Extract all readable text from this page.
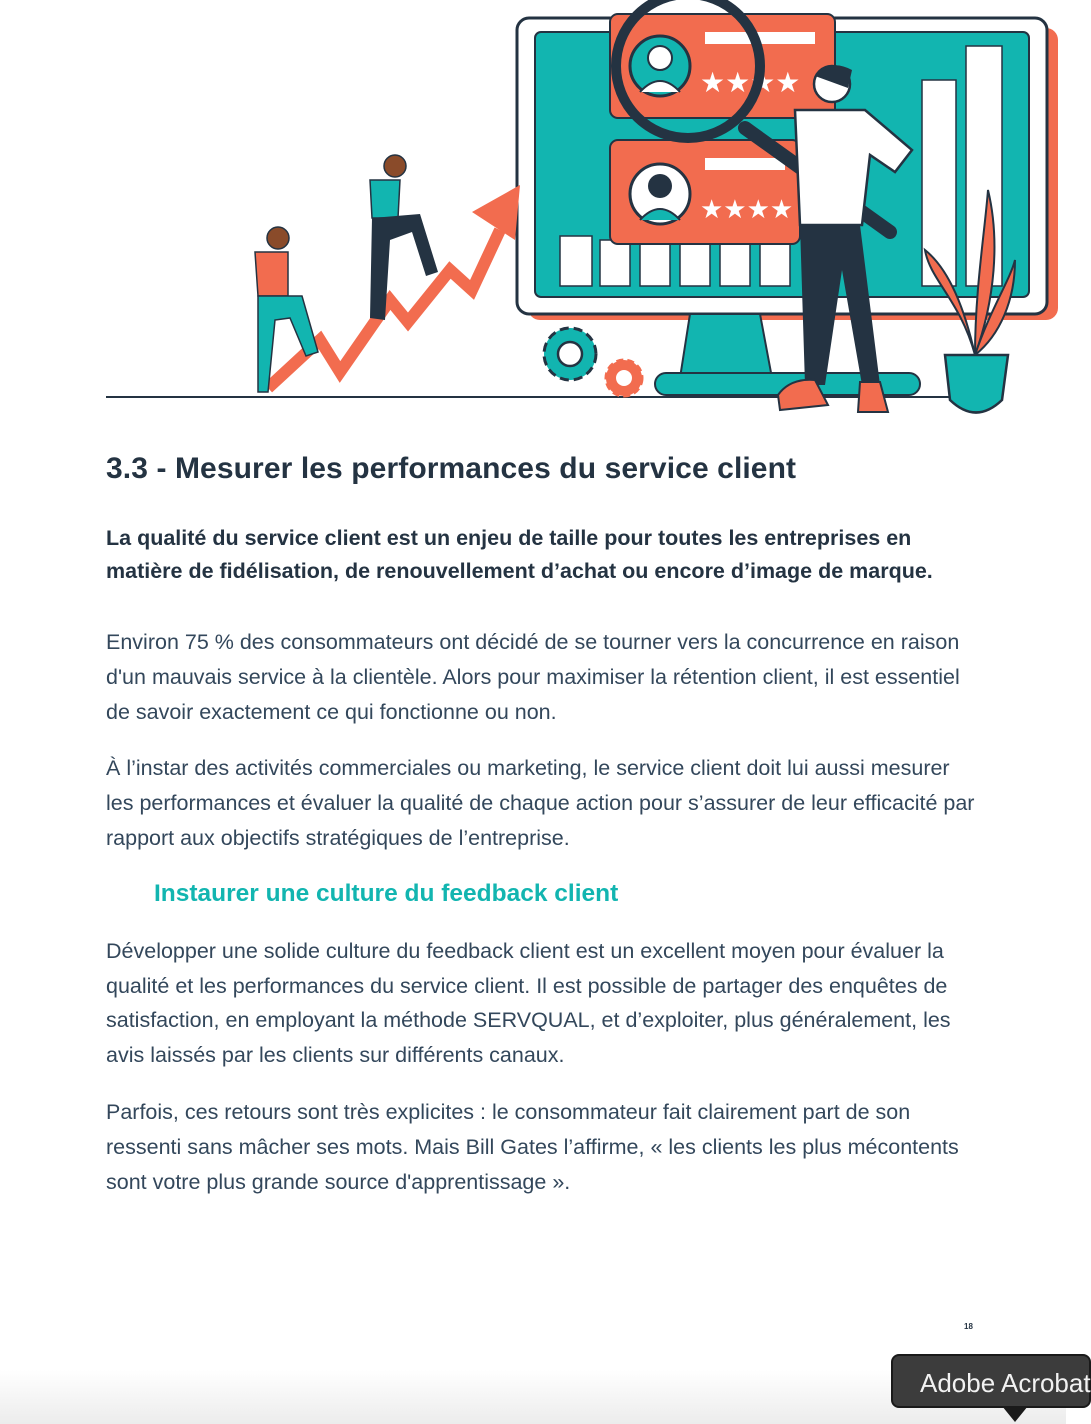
★★★★
★★★★
3.3 - Mesurer les performances du service client

La qualité du service client est un enjeu de taille pour toutes les entreprises en matière de fidélisation, de renouvellement d’achat ou encore d’image de marque.

Environ 75 % des consommateurs ont décidé de se tourner vers la concurrence en raison d'un mauvais service à la clientèle. Alors pour maximiser la rétention client, il est essentiel de savoir exactement ce qui fonctionne ou non.

À l’instar des activités commerciales ou marketing, le service client doit lui aussi mesurer les performances et évaluer la qualité de chaque action pour s’assurer de leur efficacité par rapport aux objectifs stratégiques de l’entreprise.

Instaurer une culture du feedback client

Développer une solide culture du feedback client est un excellent moyen pour évaluer la qualité et les performances du service client. Il est possible de partager des enquêtes de satisfaction, en employant la méthode SERVQUAL, et d’exploiter, plus généralement, les avis laissés par les clients sur différents canaux.

Parfois, ces retours sont très explicites : le consommateur fait clairement part de son ressenti sans mâcher ses mots. Mais Bill Gates l’affirme, « les clients les plus mécontents sont votre plus grande source d'apprentissage ».

18
Adobe Acrobat
